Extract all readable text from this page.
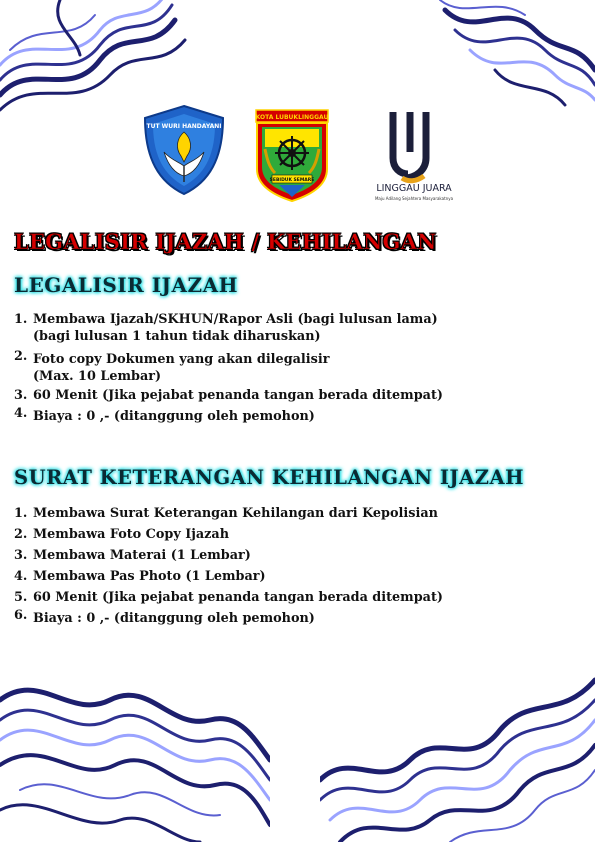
TUT WURI HANDAYANI
KOTA LUBUKLINGGAU
SEBIDUK SEMARE
LINGGAU JUARA
Maju Adilang Sejahtera Masyarakatnya
LEGALISIR IJAZAH / KEHILANGAN
LEGALISIR IJAZAH
1. Membawa Ijazah/SKHUN/Rapor Asli (bagi lulusan lama)
(bagi lulusan 1 tahun tidak diharuskan)
2. Foto copy Dokumen yang akan dilegalisir
(Max. 10 Lembar)
3. 60 Menit (Jika pejabat penanda tangan berada ditempat)
4. Biaya : 0 ,- (ditanggung oleh pemohon)
SURAT KETERANGAN KEHILANGAN IJAZAH
1. Membawa Surat Keterangan Kehilangan dari Kepolisian
2. Membawa Foto Copy Ijazah
3. Membawa Materai (1 Lembar)
4. Membawa Pas Photo (1 Lembar)
5. 60 Menit (Jika pejabat penanda tangan berada ditempat)
6. Biaya : 0 ,- (ditanggung oleh pemohon)
